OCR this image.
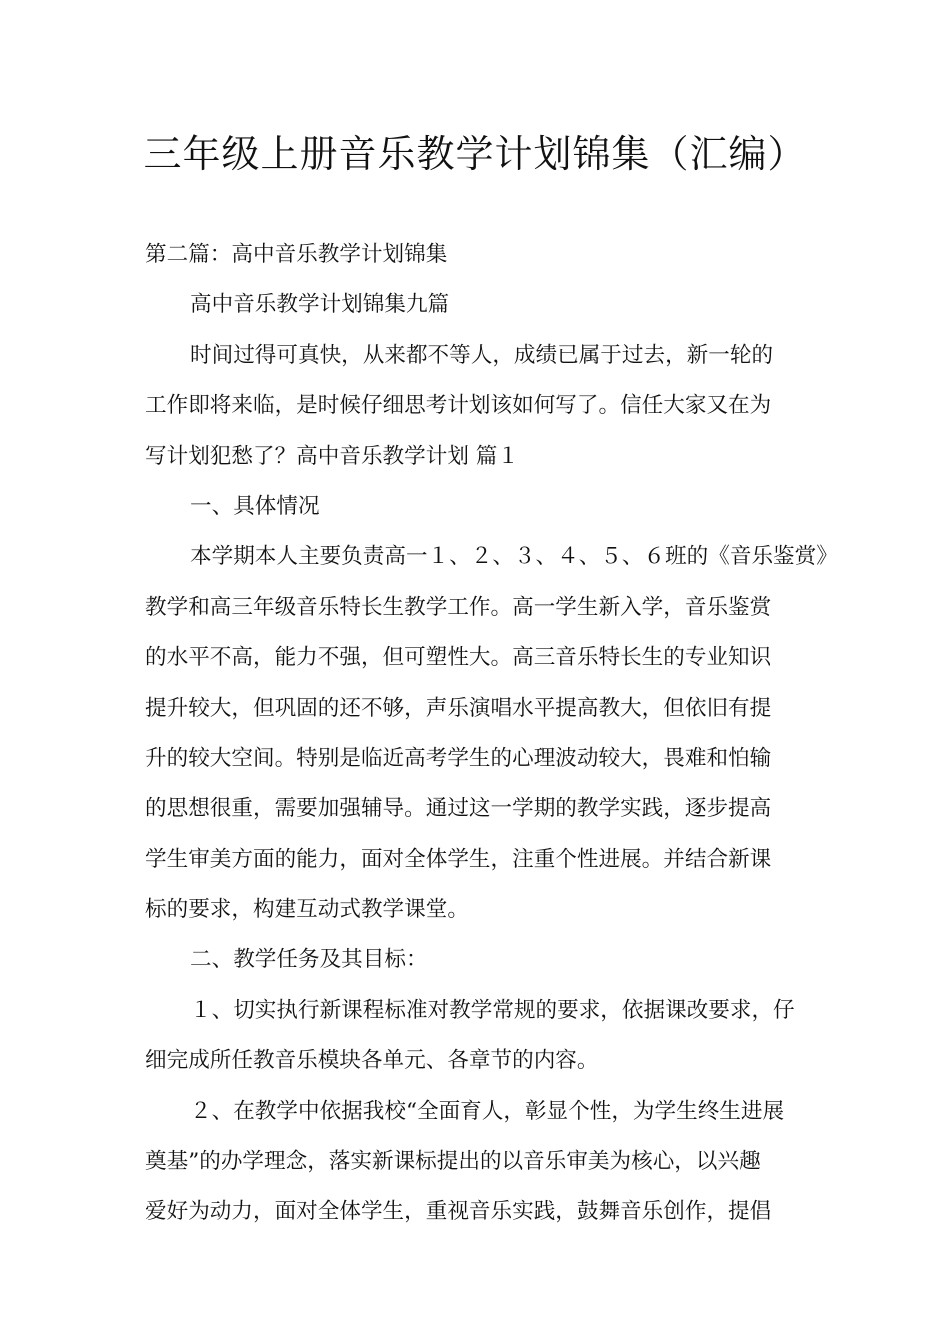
三年级上册音乐教学计划锦集（汇编）
第二篇：高中音乐教学计划锦集
高中音乐教学计划锦集九篇
时间过得可真快，从来都不等人，成绩已属于过去，新一轮的
工作即将来临，是时候仔细思考计划该如何写了。信任大家又在为
写计划犯愁了？高中音乐教学计划 篇１
一、具体情况
本学期本人主要负责高一１、２、３、４、５、６班的《音乐鉴赏》
教学和高三年级音乐特长生教学工作。高一学生新入学，音乐鉴赏
的水平不高，能力不强，但可塑性大。高三音乐特长生的专业知识
提升较大，但巩固的还不够，声乐演唱水平提高教大，但依旧有提
升的较大空间。特别是临近高考学生的心理波动较大，畏难和怕输
的思想很重，需要加强辅导。通过这一学期的教学实践，逐步提高
学生审美方面的能力，面对全体学生，注重个性进展。并结合新课
标的要求，构建互动式教学课堂。
二、教学任务及其目标：
１、切实执行新课程标准对教学常规的要求，依据课改要求，仔
细完成所任教音乐模块各单元、各章节的内容。
２、在教学中依据我校“全面育人，彰显个性，为学生终生进展
奠基”的办学理念，落实新课标提出的以音乐审美为核心，以兴趣
爱好为动力，面对全体学生，重视音乐实践，鼓舞音乐创作，提倡
